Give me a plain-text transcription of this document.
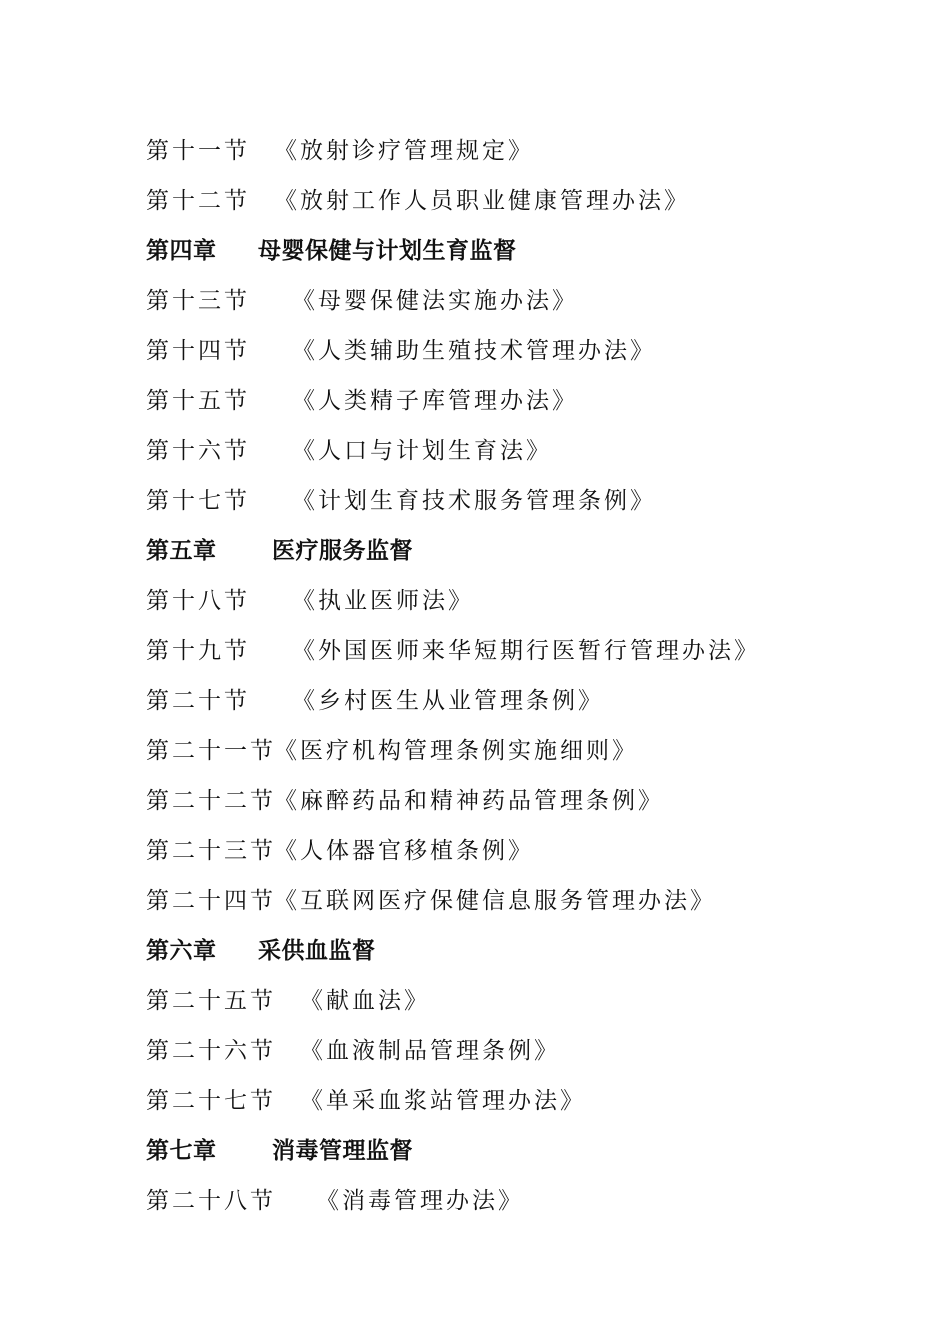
第十一节 《放射诊疗管理规定》
第十二节 《放射工作人员职业健康管理办法》
第四章 母婴保健与计划生育监督
第十三节 《母婴保健法实施办法》
第十四节 《人类辅助生殖技术管理办法》
第十五节 《人类精子库管理办法》
第十六节 《人口与计划生育法》
第十七节 《计划生育技术服务管理条例》
第五章 医疗服务监督
第十八节 《执业医师法》
第十九节 《外国医师来华短期行医暂行管理办法》
第二十节 《乡村医生从业管理条例》
第二十一节
《医疗机构管理条例实施细则》
第二十二节
《麻醉药品和精神药品管理条例》
第二十三节
《人体器官移植条例》
第二十四节
《互联网医疗保健信息服务管理办法》
第六章 采供血监督
第二十五节 《献血法》
第二十六节 《血液制品管理条例》
第二十七节 《单采血浆站管理办法》
第七章 消毒管理监督
第二十八节 《消毒管理办法》
